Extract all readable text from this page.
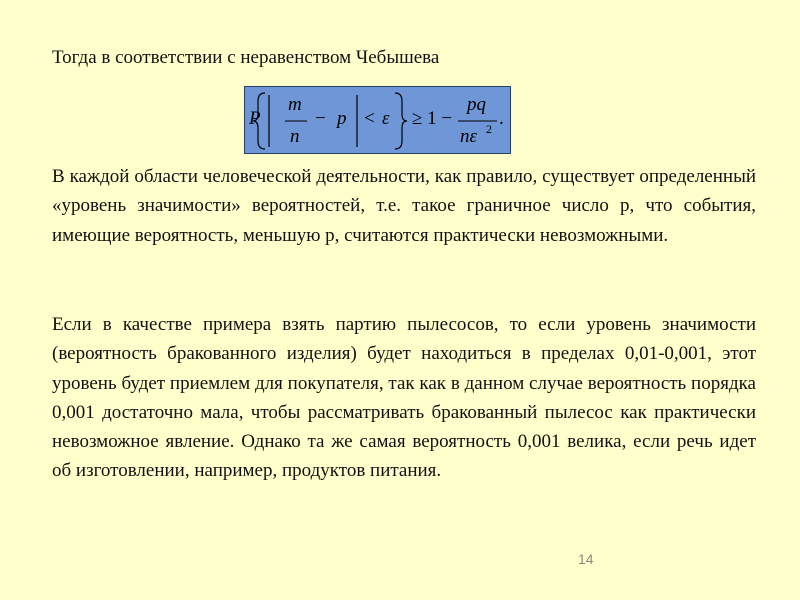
Тогда в соответствии с неравенством Чебышева
P
m
n
− p < ε ≥ 1 −
pq
nε 2 .

В каждой области человеческой деятельности, как правило, существует определенный «уровень значимости» вероятностей, т.е. такое граничное число p, что события, имеющие вероятность, меньшую p, считаются практически невозможными.

Если в качестве примера взять партию пылесосов, то если уровень значимости (вероятность бракованного изделия) будет находиться в пределах 0,01-0,001, этот уровень будет приемлем для покупателя, так как в данном случае вероятность порядка 0,001 достаточно мала, чтобы рассматривать бракованный пылесос как практически невозможное явление. Однако та же самая вероятность 0,001 велика, если речь идет об изготовлении, например, продуктов питания.

14
